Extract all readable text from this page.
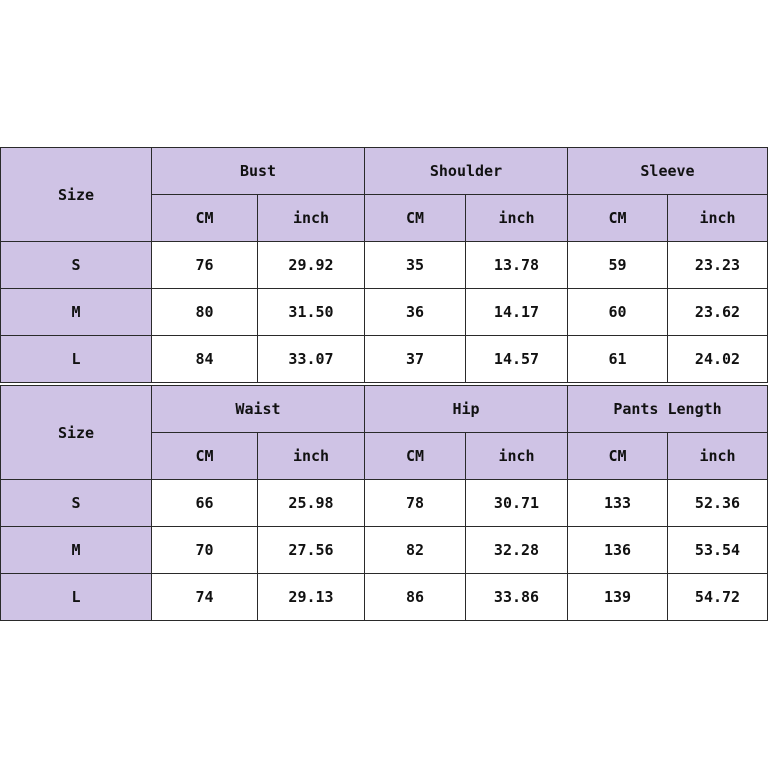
Size	Bust		Shoulder		Sleeve	
	CM	inch	CM	inch	CM	inch
S	76	29.92	35	13.78	59	23.23
M	80	31.50	36	14.17	60	23.62
L	84	33.07	37	14.57	61	24.02
Size	Waist		Hip		Pants Length	
	CM	inch	CM	inch	CM	inch
S	66	25.98	78	30.71	133	52.36
M	70	27.56	82	32.28	136	53.54
L	74	29.13	86	33.86	139	54.72
